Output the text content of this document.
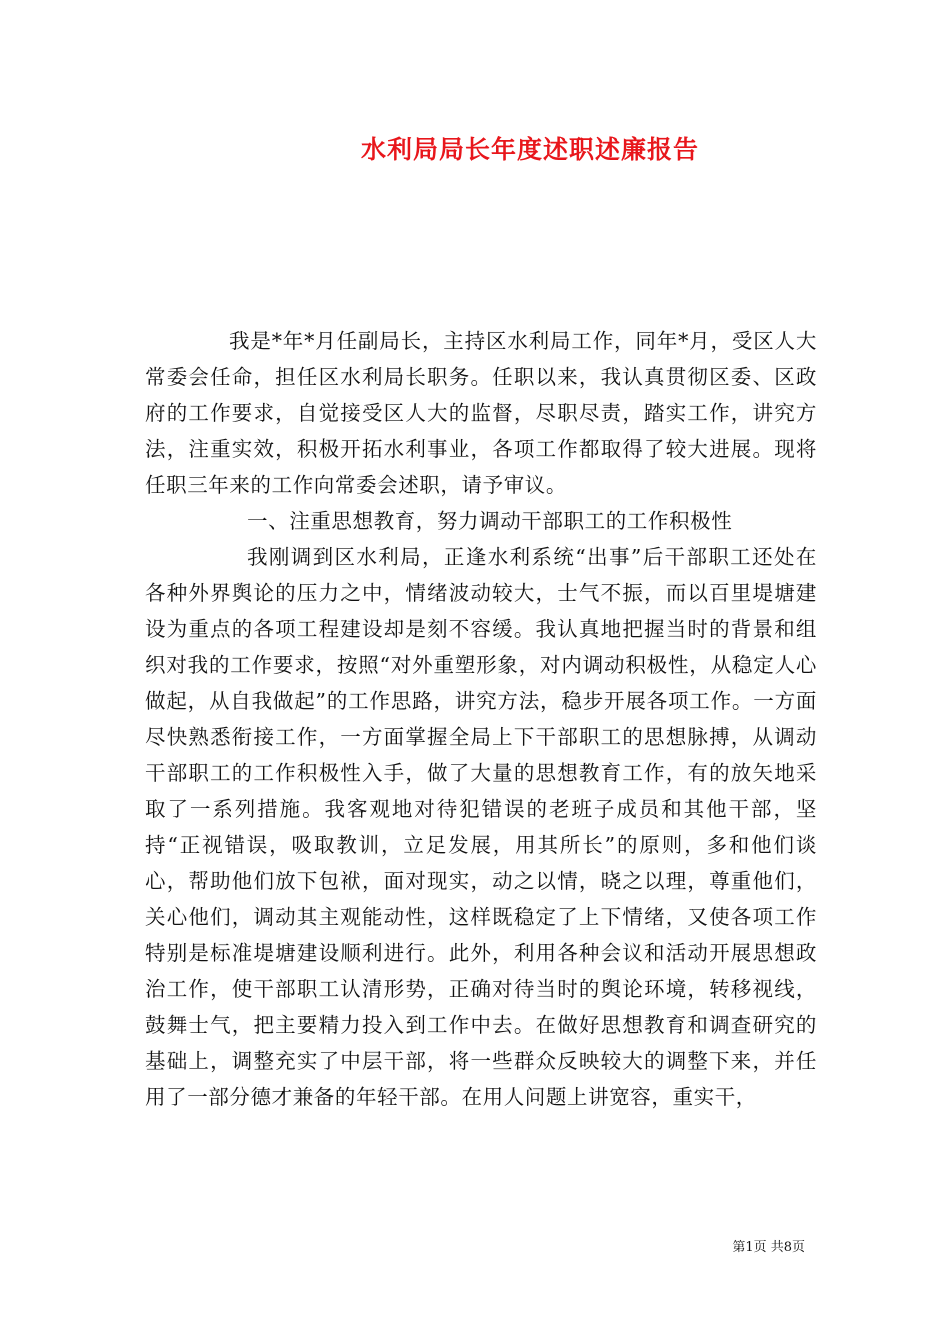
水利局局长年度述职述廉报告

我是*年*月任副局长，主持区水利局工作，同年*月，受区人大常委会任命，担任区水利局长职务。任职以来，我认真贯彻区委、区政府的工作要求，自觉接受区人大的监督，尽职尽责，踏实工作，讲究方法，注重实效，积极开拓水利事业，各项工作都取得了较大进展。现将任职三年来的工作向常委会述职，请予审议。

一、注重思想教育，努力调动干部职工的工作积极性

我刚调到区水利局，正逢水利系统“出事”后干部职工还处在各种外界舆论的压力之中，情绪波动较大，士气不振，而以百里堤塘建设为重点的各项工程建设却是刻不容缓。我认真地把握当时的背景和组织对我的工作要求，按照“对外重塑形象，对内调动积极性，从稳定人心做起，从自我做起”的工作思路，讲究方法，稳步开展各项工作。一方面尽快熟悉衔接工作，一方面掌握全局上下干部职工的思想脉搏，从调动干部职工的工作积极性入手，做了大量的思想教育工作，有的放矢地采取了一系列措施。我客观地对待犯错误的老班子成员和其他干部，坚持“正视错误，吸取教训，立足发展，用其所长”的原则，多和他们谈心，帮助他们放下包袱，面对现实，动之以情，晓之以理，尊重他们，关心他们，调动其主观能动性，这样既稳定了上下情绪，又使各项工作特别是标准堤塘建设顺利进行。此外，利用各种会议和活动开展思想政治工作，使干部职工认清形势，正确对待当时的舆论环境，转移视线，鼓舞士气，把主要精力投入到工作中去。在做好思想教育和调查研究的基础上，调整充实了中层干部，将一些群众反映较大的调整下来，并任用了一部分德才兼备的年轻干部。在用人问题上讲宽容，重实干，

第1页 共8页
